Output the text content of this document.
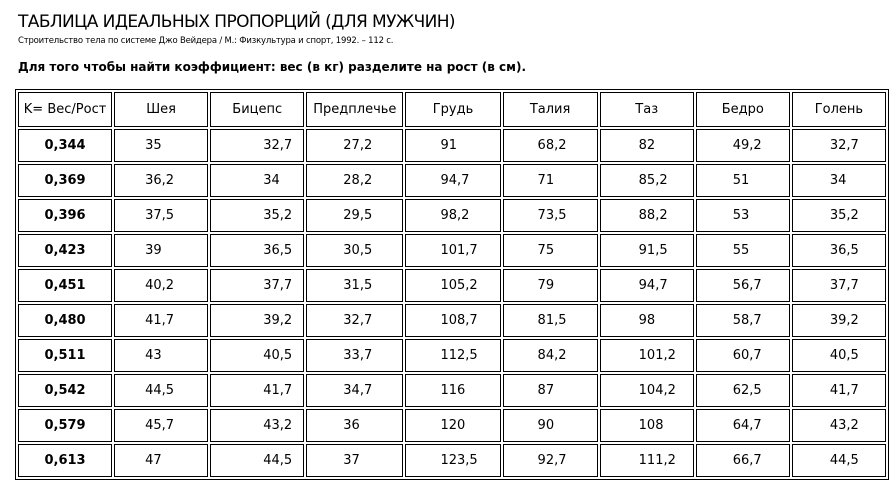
ТАБЛИЦА ИДЕАЛЬНЫХ ПРОПОРЦИЙ (ДЛЯ МУЖЧИН)
Строительство тела по системе Джо Вейдера / М.: Физкультура и спорт, 1992. – 112 с.
Для того чтобы найти коэффициент: вес (в кг) разделите на рост (в см).
K= Вес/Рост	Шея	Бицепс	Предплечье	Грудь	Талия	Таз	Бедро	Голень
0,344	35	32,7	27,2	91	68,2	82	49,2	32,7
0,369	36,2	34	28,2	94,7	71	85,2	51	34
0,396	37,5	35,2	29,5	98,2	73,5	88,2	53	35,2
0,423	39	36,5	30,5	101,7	75	91,5	55	36,5
0,451	40,2	37,7	31,5	105,2	79	94,7	56,7	37,7
0,480	41,7	39,2	32,7	108,7	81,5	98	58,7	39,2
0,511	43	40,5	33,7	112,5	84,2	101,2	60,7	40,5
0,542	44,5	41,7	34,7	116	87	104,2	62,5	41,7
0,579	45,7	43,2	36	120	90	108	64,7	43,2
0,613	47	44,5	37	123,5	92,7	111,2	66,7	44,5
